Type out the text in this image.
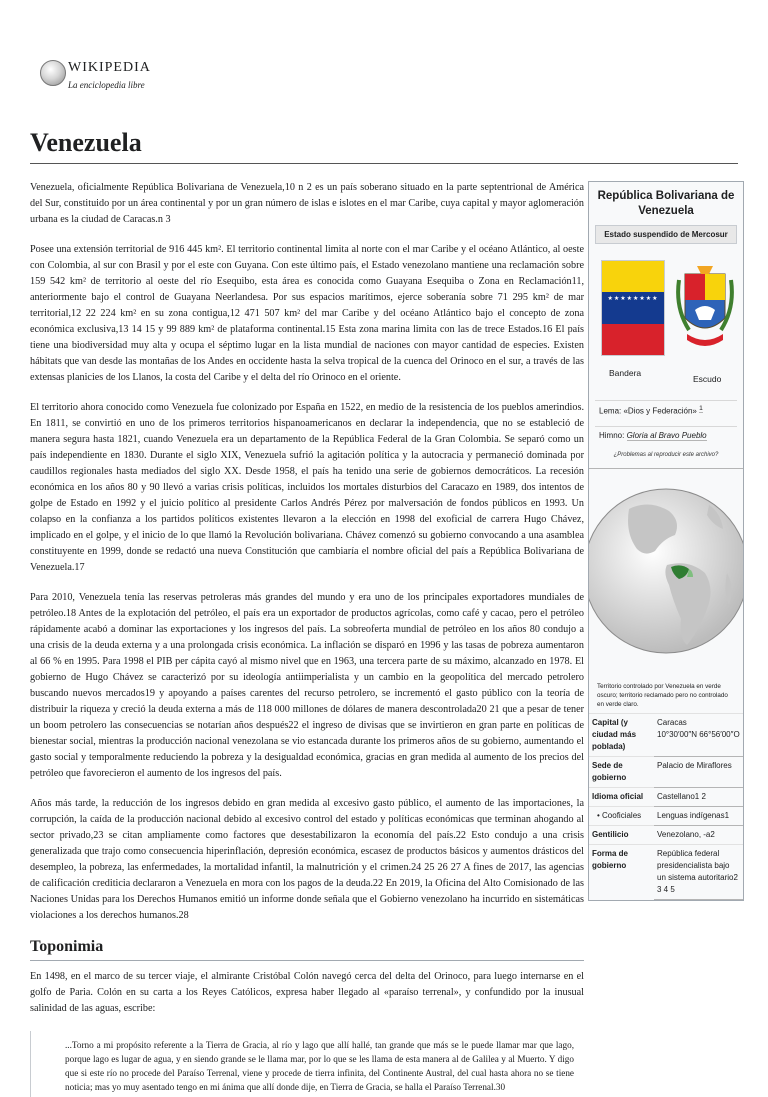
WIKIPEDIA
La enciclopedia libre
Venezuela

Venezuela, oficialmente República Bolivariana de Venezuela,10 n 2 es un país soberano situado en la parte septentrional de América del Sur, constituido por un área continental y por un gran número de islas e islotes en el mar Caribe, cuya capital y mayor aglomeración urbana es la ciudad de Caracas.n 3

Posee una extensión territorial de 916 445 km². El territorio continental limita al norte con el mar Caribe y el océano Atlántico, al oeste con Colombia, al sur con Brasil y por el este con Guyana. Con este último país, el Estado venezolano mantiene una reclamación sobre 159 542 km² de territorio al oeste del río Esequibo, esta área es conocida como Guayana Esequiba o Zona en Reclamación11, anteriormente bajo el control de Guayana Neerlandesa. Por sus espacios marítimos, ejerce soberanía sobre 71 295 km² de mar territorial,12 22 224 km² en su zona contigua,12 471 507 km² del mar Caribe y del océano Atlántico bajo el concepto de zona económica exclusiva,13 14 15 y 99 889 km² de plataforma continental.15 Esta zona marina limita con las de trece Estados.16 El país tiene una biodiversidad muy alta y ocupa el séptimo lugar en la lista mundial de naciones con mayor cantidad de especies. Existen hábitats que van desde las montañas de los Andes en occidente hasta la selva tropical de la cuenca del Orinoco en el sur, a través de las extensas planicies de los Llanos, la costa del Caribe y el delta del río Orinoco en el oriente.

El territorio ahora conocido como Venezuela fue colonizado por España en 1522, en medio de la resistencia de los pueblos amerindios. En 1811, se convirtió en uno de los primeros territorios hispanoamericanos en declarar la independencia, que no se estableció de manera segura hasta 1821, cuando Venezuela era un departamento de la República Federal de la Gran Colombia. Se separó como un país independiente en 1830. Durante el siglo XIX, Venezuela sufrió la agitación política y la autocracia y permaneció dominada por caudillos regionales hasta mediados del siglo XX. Desde 1958, el país ha tenido una serie de gobiernos democráticos. La recesión económica en los años 80 y 90 llevó a varias crisis políticas, incluidos los mortales disturbios del Caracazo en 1989, dos intentos de golpe de Estado en 1992 y el juicio político al presidente Carlos Andrés Pérez por malversación de fondos públicos en 1993. Un colapso en la confianza a los partidos políticos existentes llevaron a la elección en 1998 del exoficial de carrera Hugo Chávez, implicado en el golpe, y el inicio de lo que llamó la Revolución bolivariana. Chávez comenzó su gobierno convocando a una asamblea constituyente en 1999, donde se redactó una nueva Constitución que cambiaría el nombre oficial del país a República Bolivariana de Venezuela.17

Para 2010, Venezuela tenía las reservas petroleras más grandes del mundo y era uno de los principales exportadores mundiales de petróleo.18 Antes de la explotación del petróleo, el país era un exportador de productos agrícolas, como café y cacao, pero el petróleo rápidamente acabó a dominar las exportaciones y los ingresos del país. La sobreoferta mundial de petróleo en los años 80 condujo a una crisis de la deuda externa y a una prolongada crisis económica. La inflación se disparó en 1996 y las tasas de pobreza aumentaron al 66 % en 1995. Para 1998 el PIB per cápita cayó al mismo nivel que en 1963, una tercera parte de su máximo, alcanzado en 1978. El gobierno de Hugo Chávez se caracterizó por su ideología antiimperialista y un cambio en la geopolítica del mercado petrolero buscando nuevos mercados19 y apoyando a países carentes del recurso petrolero, se incrementó el gasto público con la teoría de distribuir la riqueza y creció la deuda externa a más de 118 000 millones de dólares de manera descontrolada20 21 que a pesar de tener un boom petrolero las consecuencias se notarían años después22 el ingreso de divisas que se invirtieron en gran parte en políticas de bienestar social, mientras la producción nacional venezolana se vio estancada durante los primeros años de su gobierno, aumentando el gasto social y temporalmente reduciendo la pobreza y la desigualdad económica, gracias en gran medida al aumento de los precios del petróleo que favorecieron el aumento de los ingresos del país.

Años más tarde, la reducción de los ingresos debido en gran medida al excesivo gasto público, el aumento de las importaciones, la corrupción, la caída de la producción nacional debido al excesivo control del estado y políticas económicas que terminan ahogando al sector privado,23 se citan ampliamente como factores que desestabilizaron la economía del país.22 Esto condujo a una crisis generalizada que trajo como consecuencia hiperinflación, depresión económica, escasez de productos básicos y aumentos drásticos del desempleo, la pobreza, las enfermedades, la mortalidad infantil, la malnutrición y el crimen.24 25 26 27 A fines de 2017, las agencias de calificación crediticia declararon a Venezuela en mora con los pagos de la deuda.22 En 2019, la Oficina del Alto Comisionado de las Naciones Unidas para los Derechos Humanos emitió un informe donde señala que el Gobierno venezolano ha incurrido en sistemáticas violaciones a los derechos humanos.28

Toponimia

En 1498, en el marco de su tercer viaje, el almirante Cristóbal Colón navegó cerca del delta del Orinoco, para luego internarse en el golfo de Paria. Colón en su carta a los Reyes Católicos, expresa haber llegado al «paraíso terrenal», y confundido por la inusual salinidad de las aguas, escribe:

...Torno a mi propósito referente a la Tierra de Gracia, al río y lago que allí hallé, tan grande que más se le puede llamar mar que lago, porque lago es lugar de agua, y en siendo grande se le llama mar, por lo que se les llama de esta manera al de Galilea y al Muerto. Y digo que si este río no procede del Paraíso Terrenal, viene y procede de tierra infinita, del Continente Austral, del cual hasta ahora no se tiene noticia; mas yo muy asentado tengo en mi ánima que allí donde dije, en Tierra de Gracia, se halla el Paraíso Terrenal.30
República Bolivariana de Venezuela
Estado suspendido de Mercosur
★★★★★★★★
Bandera
Escudo
Lema: «Dios y Federación» $^1$
Himno: Gloria al Bravo Pueblo
¿Problemas al reproducir este archivo?
Territorio controlado por Venezuela en verde oscuro; territorio reclamado pero no controlado en verde claro.
Capital (y ciudad más poblada)	Caracas
10°30′00″N 66°56′00″O
Sede de gobierno	Palacio de Miraflores
Idioma oficial	Castellano1 2
• Cooficiales	Lenguas indígenas1
Gentilicio	Venezolano, -a2
Forma de gobierno	República federal presidencialista bajo un sistema autoritario2 3 4 5
